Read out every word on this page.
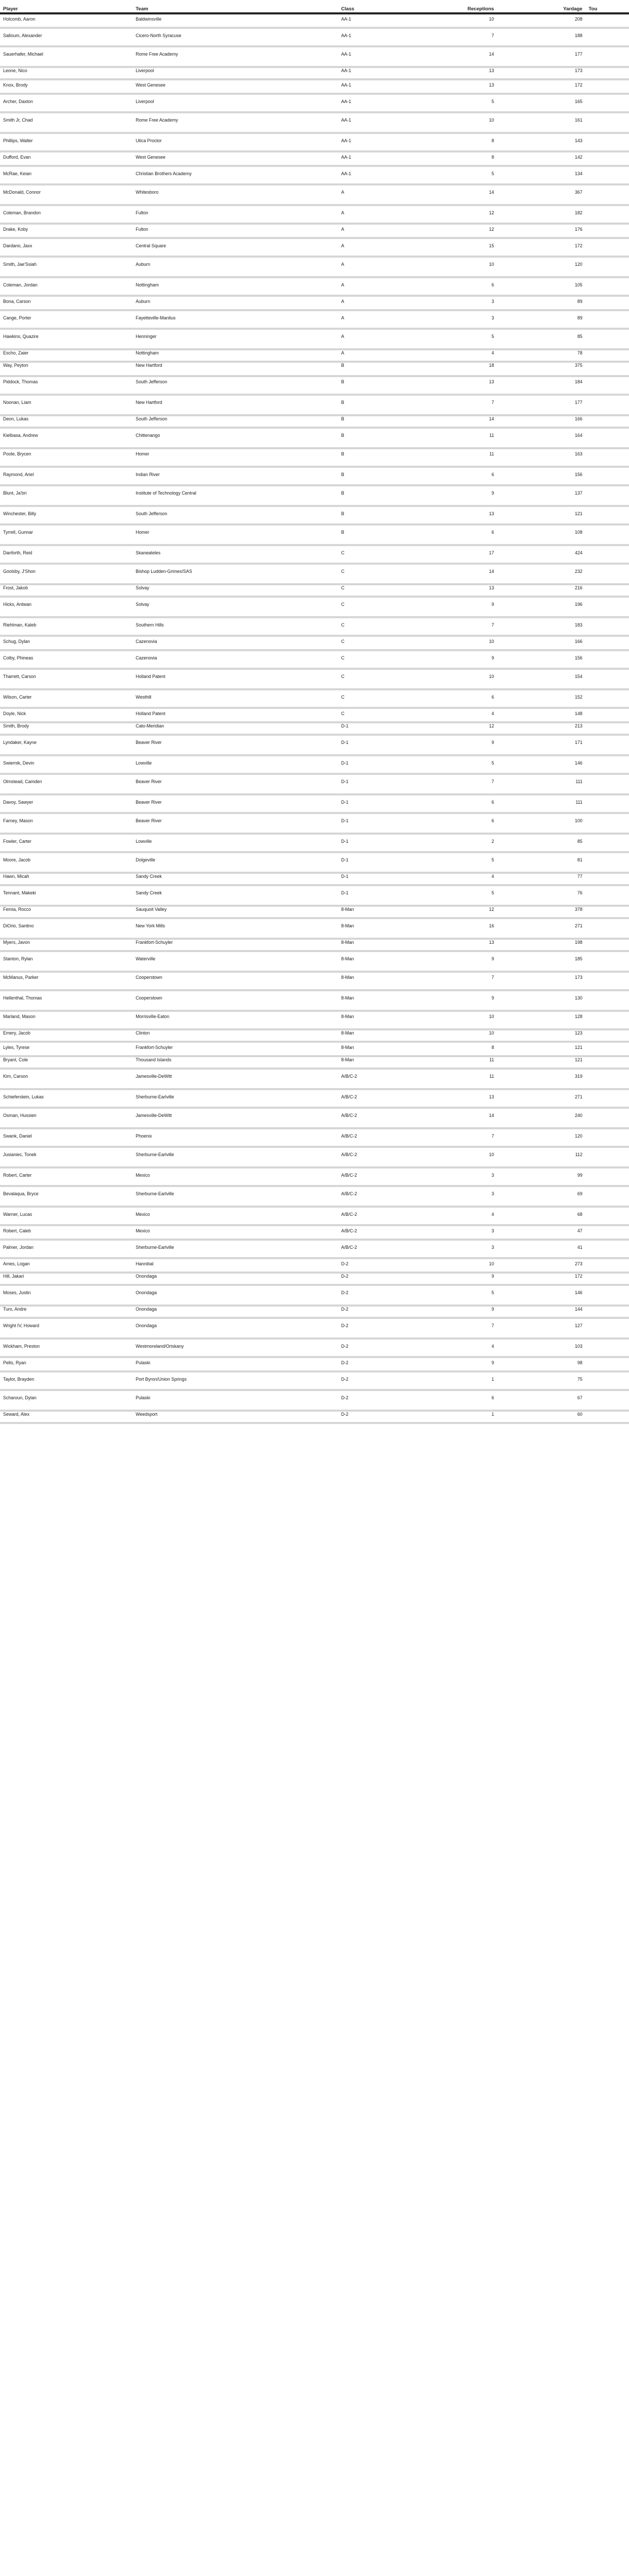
Player	Team	Class	Receptions	Yardage	Tou
Holcomb, Aaron	Baldwinsville	AA-1	10	208	
Salloum, Alexander	Cicero-North Syracuse	AA-1	7	188	
Sauerhafer, Michael	Rome Free Academy	AA-1	14	177	
Leone, Nico	Liverpool	AA-1	13	173	
Knox, Brody	West Genesee	AA-1	13	172	
Archer, Daxton	Liverpool	AA-1	5	165	
Smith Jr, Chad	Rome Free Academy	AA-1	10	161	
Phillips, Walter	Utica Proctor	AA-1	8	143	
Dufford, Evan	West Genesee	AA-1	8	142	
McRae, Keian	Christian Brothers Academy	AA-1	5	134	
McDonald, Connor	Whitesboro	A	14	367	
Coleman, Brandon	Fulton	A	12	182	
Drake, Koby	Fulton	A	12	176	
Dardano, Jaxx	Central Square	A	15	172	
Smith, Jae'Ssiah	Auburn	A	10	120	
Coleman, Jordan	Nottingham	A	6	105	
Bona, Carson	Auburn	A	3	89	
Cange, Porter	Fayetteville-Manlius	A	3	89	
Hawkins, Quazire	Henninger	A	5	85	
Escho, Zaier	Nottingham	A	4	78	
Way, Peyton	New Hartford	B	18	375	
Piddock, Thomas	South Jefferson	B	13	184	
Noonan, Liam	New Hartford	B	7	177	
Deon, Lukas	South Jefferson	B	14	166	
Kielbasa, Andrew	Chittenango	B	11	164	
Poole, Brycen	Homer	B	11	163	
Raymond, Ariel	Indian River	B	6	156	
Blunt, Ja'bri	Institute of Technology Central	B	9	137	
Winchester, Billy	South Jefferson	B	13	121	
Tyrrell, Gunnar	Homer	B	6	108	
Danforth, Reid	Skaneateles	C	17	424	
Goolsby, J'Shon	Bishop Ludden-Grimes/SAS	C	14	232	
Frost, Jakob	Solvay	C	13	216	
Hicks, Antwan	Solvay	C	9	196	
Riehlman, Kaleb	Southern Hills	C	7	183	
Schug, Dylan	Cazenovia	C	10	166	
Colby, Phineas	Cazenovia	C	9	156	
Tharrett, Carson	Holland Patent	C	10	154	
Wilson, Carter	Westhill	C	6	152	
Doyle, Nick	Holland Patent	C	4	148	
Smith, Brody	Cato-Meridian	D-1	12	213	
Lyndaker, Kayne	Beaver River	D-1	9	171	
Swiernik, Devin	Lowville	D-1	5	146	
Olmstead, Camden	Beaver River	D-1	7	111	
Davoy, Sawyer	Beaver River	D-1	6	111	
Farney, Mason	Beaver River	D-1	6	100	
Fowler, Carter	Lowville	D-1	2	85	
Moore, Jacob	Dolgeville	D-1	5	81	
Hawn, Micah	Sandy Creek	D-1	4	77	
Tennant, Makeki	Sandy Creek	D-1	5	76	
Femia, Rocco	Sauquoit Valley	8-Man	12	378	
DiOrio, Santino	New York Mills	8-Man	16	271	
Myers, Javon	Frankfort-Schuyler	8-Man	13	198	
Stanton, Rylan	Waterville	8-Man	9	185	
McManus, Parker	Cooperstown	8-Man	7	173	
Hellenthal, Thomas	Cooperstown	8-Man	9	130	
Marland, Mason	Morrisville-Eaton	8-Man	10	128	
Emery, Jacob	Clinton	8-Man	10	123	
Lyles, Tyrese	Frankfort-Schuyler	8-Man	8	121	
Bryant, Cole	Thousand Islands	8-Man	11	121	
Kim, Carson	Jamesville-DeWitt	A/B/C-2	11	319	
Schieferstein, Lukas	Sherburne-Earlville	A/B/C-2	13	271	
Osman, Hussien	Jamesville-DeWitt	A/B/C-2	14	240	
Swank, Daniel	Phoenix	A/B/C-2	7	120	
Jusianiec, Tonek	Sherburne-Earlville	A/B/C-2	10	112	
Robert, Carter	Mexico	A/B/C-2	3	99	
Bevalaqua, Bryce	Sherburne-Earlville	A/B/C-2	3	69	
Warner, Lucas	Mexico	A/B/C-2	4	68	
Robert, Caleb	Mexico	A/B/C-2	3	47	
Palmer, Jordan	Sherburne-Earlville	A/B/C-2	3	41	
Ames, Logan	Hannibal	D-2	10	273	
Hill, Jakari	Onondaga	D-2	9	172	
Moses, Justin	Onondaga	D-2	5	146	
Turo, Andre	Onondaga	D-2	9	144	
Wright IV, Howard	Onondaga	D-2	7	127	
Wickham, Preston	Westmoreland/Oriskany	D-2	4	103	
Pello, Ryan	Pulaski	D-2	9	98	
Taylor, Brayden	Port Byron/Union Springs	D-2	1	75	
Scharoun, Dylan	Pulaski	D-2	6	67	
Seward, Alex	Weedsport	D-2	1	60	
